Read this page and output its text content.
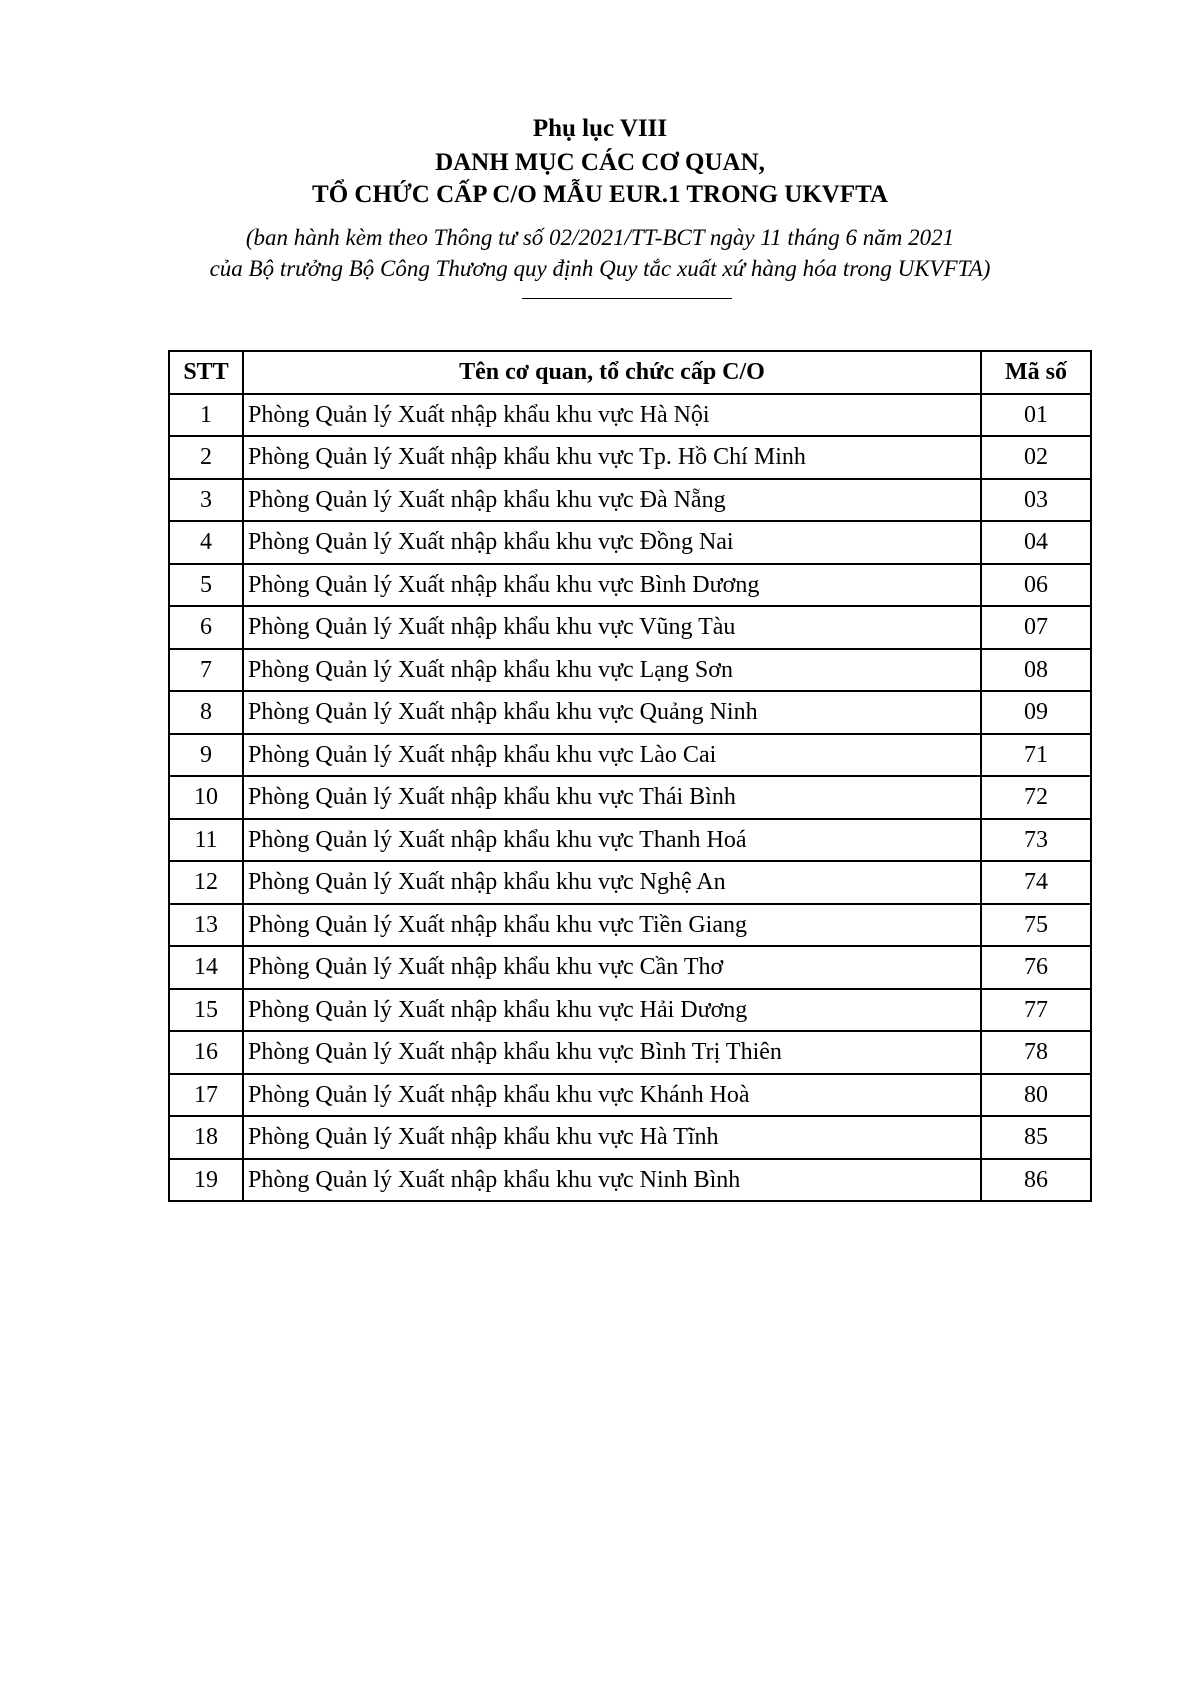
Phụ lục VIII
DANH MỤC CÁC CƠ QUAN,
TỔ CHỨC CẤP C/O MẪU EUR.1 TRONG UKVFTA
(ban hành kèm theo Thông tư số 02/2021/TT-BCT ngày 11 tháng 6 năm 2021
của Bộ trưởng Bộ Công Thương quy định Quy tắc xuất xứ hàng hóa trong UKVFTA)
STT	Tên cơ quan, tổ chức cấp C/O	Mã số
1	Phòng Quản lý Xuất nhập khẩu khu vực Hà Nội	01
2	Phòng Quản lý Xuất nhập khẩu khu vực Tp. Hồ Chí Minh	02
3	Phòng Quản lý Xuất nhập khẩu khu vực Đà Nẵng	03
4	Phòng Quản lý Xuất nhập khẩu khu vực Đồng Nai	04
5	Phòng Quản lý Xuất nhập khẩu khu vực Bình Dương	06
6	Phòng Quản lý Xuất nhập khẩu khu vực Vũng Tàu	07
7	Phòng Quản lý Xuất nhập khẩu khu vực Lạng Sơn	08
8	Phòng Quản lý Xuất nhập khẩu khu vực Quảng Ninh	09
9	Phòng Quản lý Xuất nhập khẩu khu vực Lào Cai	71
10	Phòng Quản lý Xuất nhập khẩu khu vực Thái Bình	72
11	Phòng Quản lý Xuất nhập khẩu khu vực Thanh Hoá	73
12	Phòng Quản lý Xuất nhập khẩu khu vực Nghệ An	74
13	Phòng Quản lý Xuất nhập khẩu khu vực Tiền Giang	75
14	Phòng Quản lý Xuất nhập khẩu khu vực Cần Thơ	76
15	Phòng Quản lý Xuất nhập khẩu khu vực Hải Dương	77
16	Phòng Quản lý Xuất nhập khẩu khu vực Bình Trị Thiên	78
17	Phòng Quản lý Xuất nhập khẩu khu vực Khánh Hoà	80
18	Phòng Quản lý Xuất nhập khẩu khu vực Hà Tĩnh	85
19	Phòng Quản lý Xuất nhập khẩu khu vực Ninh Bình	86
